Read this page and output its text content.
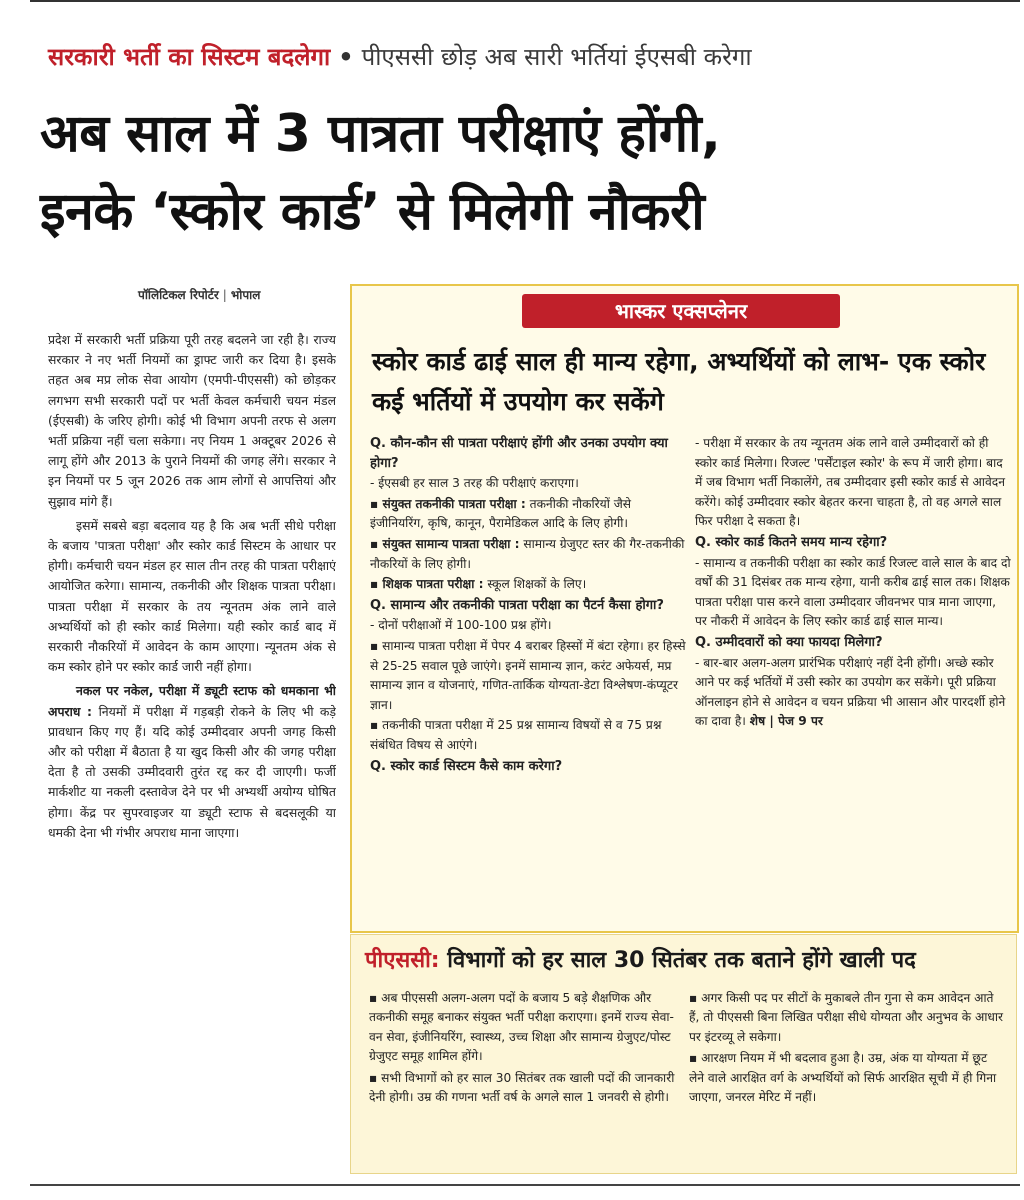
सरकारी भर्ती का सिस्टम बदलेगा • पीएससी छोड़ अब सारी भर्तियां ईएसबी करेगा
अब साल में 3 पात्रता परीक्षाएं होंगी,
इनके ‘स्कोर कार्ड’ से मिलेगी नौकरी
पॉलिटिकल रिपोर्टर | भोपाल

प्रदेश में सरकारी भर्ती प्रक्रिया पूरी तरह बदलने जा रही है। राज्य सरकार ने नए भर्ती नियमों का ड्राफ्ट जारी कर दिया है। इसके तहत अब मप्र लोक सेवा आयोग (एमपी-पीएससी) को छोड़कर लगभग सभी सरकारी पदों पर भर्ती केवल कर्मचारी चयन मंडल (ईएसबी) के जरिए होगी। कोई भी विभाग अपनी तरफ से अलग भर्ती प्रक्रिया नहीं चला सकेगा। नए नियम 1 अक्टूबर 2026 से लागू होंगे और 2013 के पुराने नियमों की जगह लेंगे। सरकार ने इन नियमों पर 5 जून 2026 तक आम लोगों से आपत्तियां और सुझाव मांगे हैं।

इसमें सबसे बड़ा बदलाव यह है कि अब भर्ती सीधे परीक्षा के बजाय 'पात्रता परीक्षा' और स्कोर कार्ड सिस्टम के आधार पर होगी। कर्मचारी चयन मंडल हर साल तीन तरह की पात्रता परीक्षाएं आयोजित करेगा। सामान्य, तकनीकी और शिक्षक पात्रता परीक्षा। पात्रता परीक्षा में सरकार के तय न्यूनतम अंक लाने वाले अभ्यर्थियों को ही स्कोर कार्ड मिलेगा। यही स्कोर कार्ड बाद में सरकारी नौकरियों में आवेदन के काम आएगा। न्यूनतम अंक से कम स्कोर होने पर स्कोर कार्ड जारी नहीं होगा।

नकल पर नकेल, परीक्षा में ड्यूटी स्टाफ को धमकाना भी अपराध : नियमों में परीक्षा में गड़बड़ी रोकने के लिए भी कड़े प्रावधान किए गए हैं। यदि कोई उम्मीदवार अपनी जगह किसी और को परीक्षा में बैठाता है या खुद किसी और की जगह परीक्षा देता है तो उसकी उम्मीदवारी तुरंत रद्द कर दी जाएगी। फर्जी मार्कशीट या नकली दस्तावेज देने पर भी अभ्यर्थी अयोग्य घोषित होगा। केंद्र पर सुपरवाइजर या ड्यूटी स्टाफ से बदसलूकी या धमकी देना भी गंभीर अपराध माना जाएगा।

भास्कर एक्सप्लेनर
स्कोर कार्ड ढाई साल ही मान्य रहेगा, अभ्यर्थियों को लाभ- एक स्कोर कई भर्तियों में उपयोग कर सकेंगे

Q. कौन-कौन सी पात्रता परीक्षाएं होंगी और उनका उपयोग क्या होगा?

- ईएसबी हर साल 3 तरह की परीक्षाएं कराएगा।

▪ संयुक्त तकनीकी पात्रता परीक्षा : तकनीकी नौकरियों जैसे इंजीनियरिंग, कृषि, कानून, पैरामेडिकल आदि के लिए होगी।

▪ संयुक्त सामान्य पात्रता परीक्षा : सामान्य ग्रेजुएट स्तर की गैर-तकनीकी नौकरियों के लिए होगी।

▪ शिक्षक पात्रता परीक्षा : स्कूल शिक्षकों के लिए।

Q. सामान्य और तकनीकी पात्रता परीक्षा का पैटर्न कैसा होगा?

- दोनों परीक्षाओं में 100-100 प्रश्न होंगे।

▪ सामान्य पात्रता परीक्षा में पेपर 4 बराबर हिस्सों में बंटा रहेगा। हर हिस्से से 25-25 सवाल पूछे जाएंगे। इनमें सामान्य ज्ञान, करंट अफेयर्स, मप्र सामान्य ज्ञान व योजनाएं, गणित-तार्किक योग्यता-डेटा विश्लेषण-कंप्यूटर ज्ञान।

▪ तकनीकी पात्रता परीक्षा में 25 प्रश्न सामान्य विषयों से व 75 प्रश्न संबंधित विषय से आएंगे।

Q. स्कोर कार्ड सिस्टम कैसे काम करेगा?

- परीक्षा में सरकार के तय न्यूनतम अंक लाने वाले उम्मीदवारों को ही स्कोर कार्ड मिलेगा। रिजल्ट 'पर्सेंटाइल स्कोर' के रूप में जारी होगा। बाद में जब विभाग भर्ती निकालेंगे, तब उम्मीदवार इसी स्कोर कार्ड से आवेदन करेंगे। कोई उम्मीदवार स्कोर बेहतर करना चाहता है, तो वह अगले साल फिर परीक्षा दे सकता है।

Q. स्कोर कार्ड कितने समय मान्य रहेगा?

- सामान्य व तकनीकी परीक्षा का स्कोर कार्ड रिजल्ट वाले साल के बाद दो वर्षों की 31 दिसंबर तक मान्य रहेगा, यानी करीब ढाई साल तक। शिक्षक पात्रता परीक्षा पास करने वाला उम्मीदवार जीवनभर पात्र माना जाएगा, पर नौकरी में आवेदन के लिए स्कोर कार्ड ढाई साल मान्य।

Q. उम्मीदवारों को क्या फायदा मिलेगा?

- बार-बार अलग-अलग प्रारंभिक परीक्षाएं नहीं देनी होंगी। अच्छे स्कोर आने पर कई भर्तियों में उसी स्कोर का उपयोग कर सकेंगे। पूरी प्रक्रिया ऑनलाइन होने से आवेदन व चयन प्रक्रिया भी आसान और पारदर्शी होने का दावा है। शेष | पेज 9 पर

पीएससी: विभागों को हर साल 30 सितंबर तक बताने होंगे खाली पद

▪ अब पीएससी अलग-अलग पदों के बजाय 5 बड़े शैक्षणिक और तकनीकी समूह बनाकर संयुक्त भर्ती परीक्षा कराएगा। इनमें राज्य सेवा-वन सेवा, इंजीनियरिंग, स्वास्थ्य, उच्च शिक्षा और सामान्य ग्रेजुएट/पोस्ट ग्रेजुएट समूह शामिल होंगे।

▪ सभी विभागों को हर साल 30 सितंबर तक खाली पदों की जानकारी देनी होगी। उम्र की गणना भर्ती वर्ष के अगले साल 1 जनवरी से होगी।

▪ अगर किसी पद पर सीटों के मुकाबले तीन गुना से कम आवेदन आते हैं, तो पीएससी बिना लिखित परीक्षा सीधे योग्यता और अनुभव के आधार पर इंटरव्यू ले सकेगा।

▪ आरक्षण नियम में भी बदलाव हुआ है। उम्र, अंक या योग्यता में छूट लेने वाले आरक्षित वर्ग के अभ्यर्थियों को सिर्फ आरक्षित सूची में ही गिना जाएगा, जनरल मेरिट में नहीं।
